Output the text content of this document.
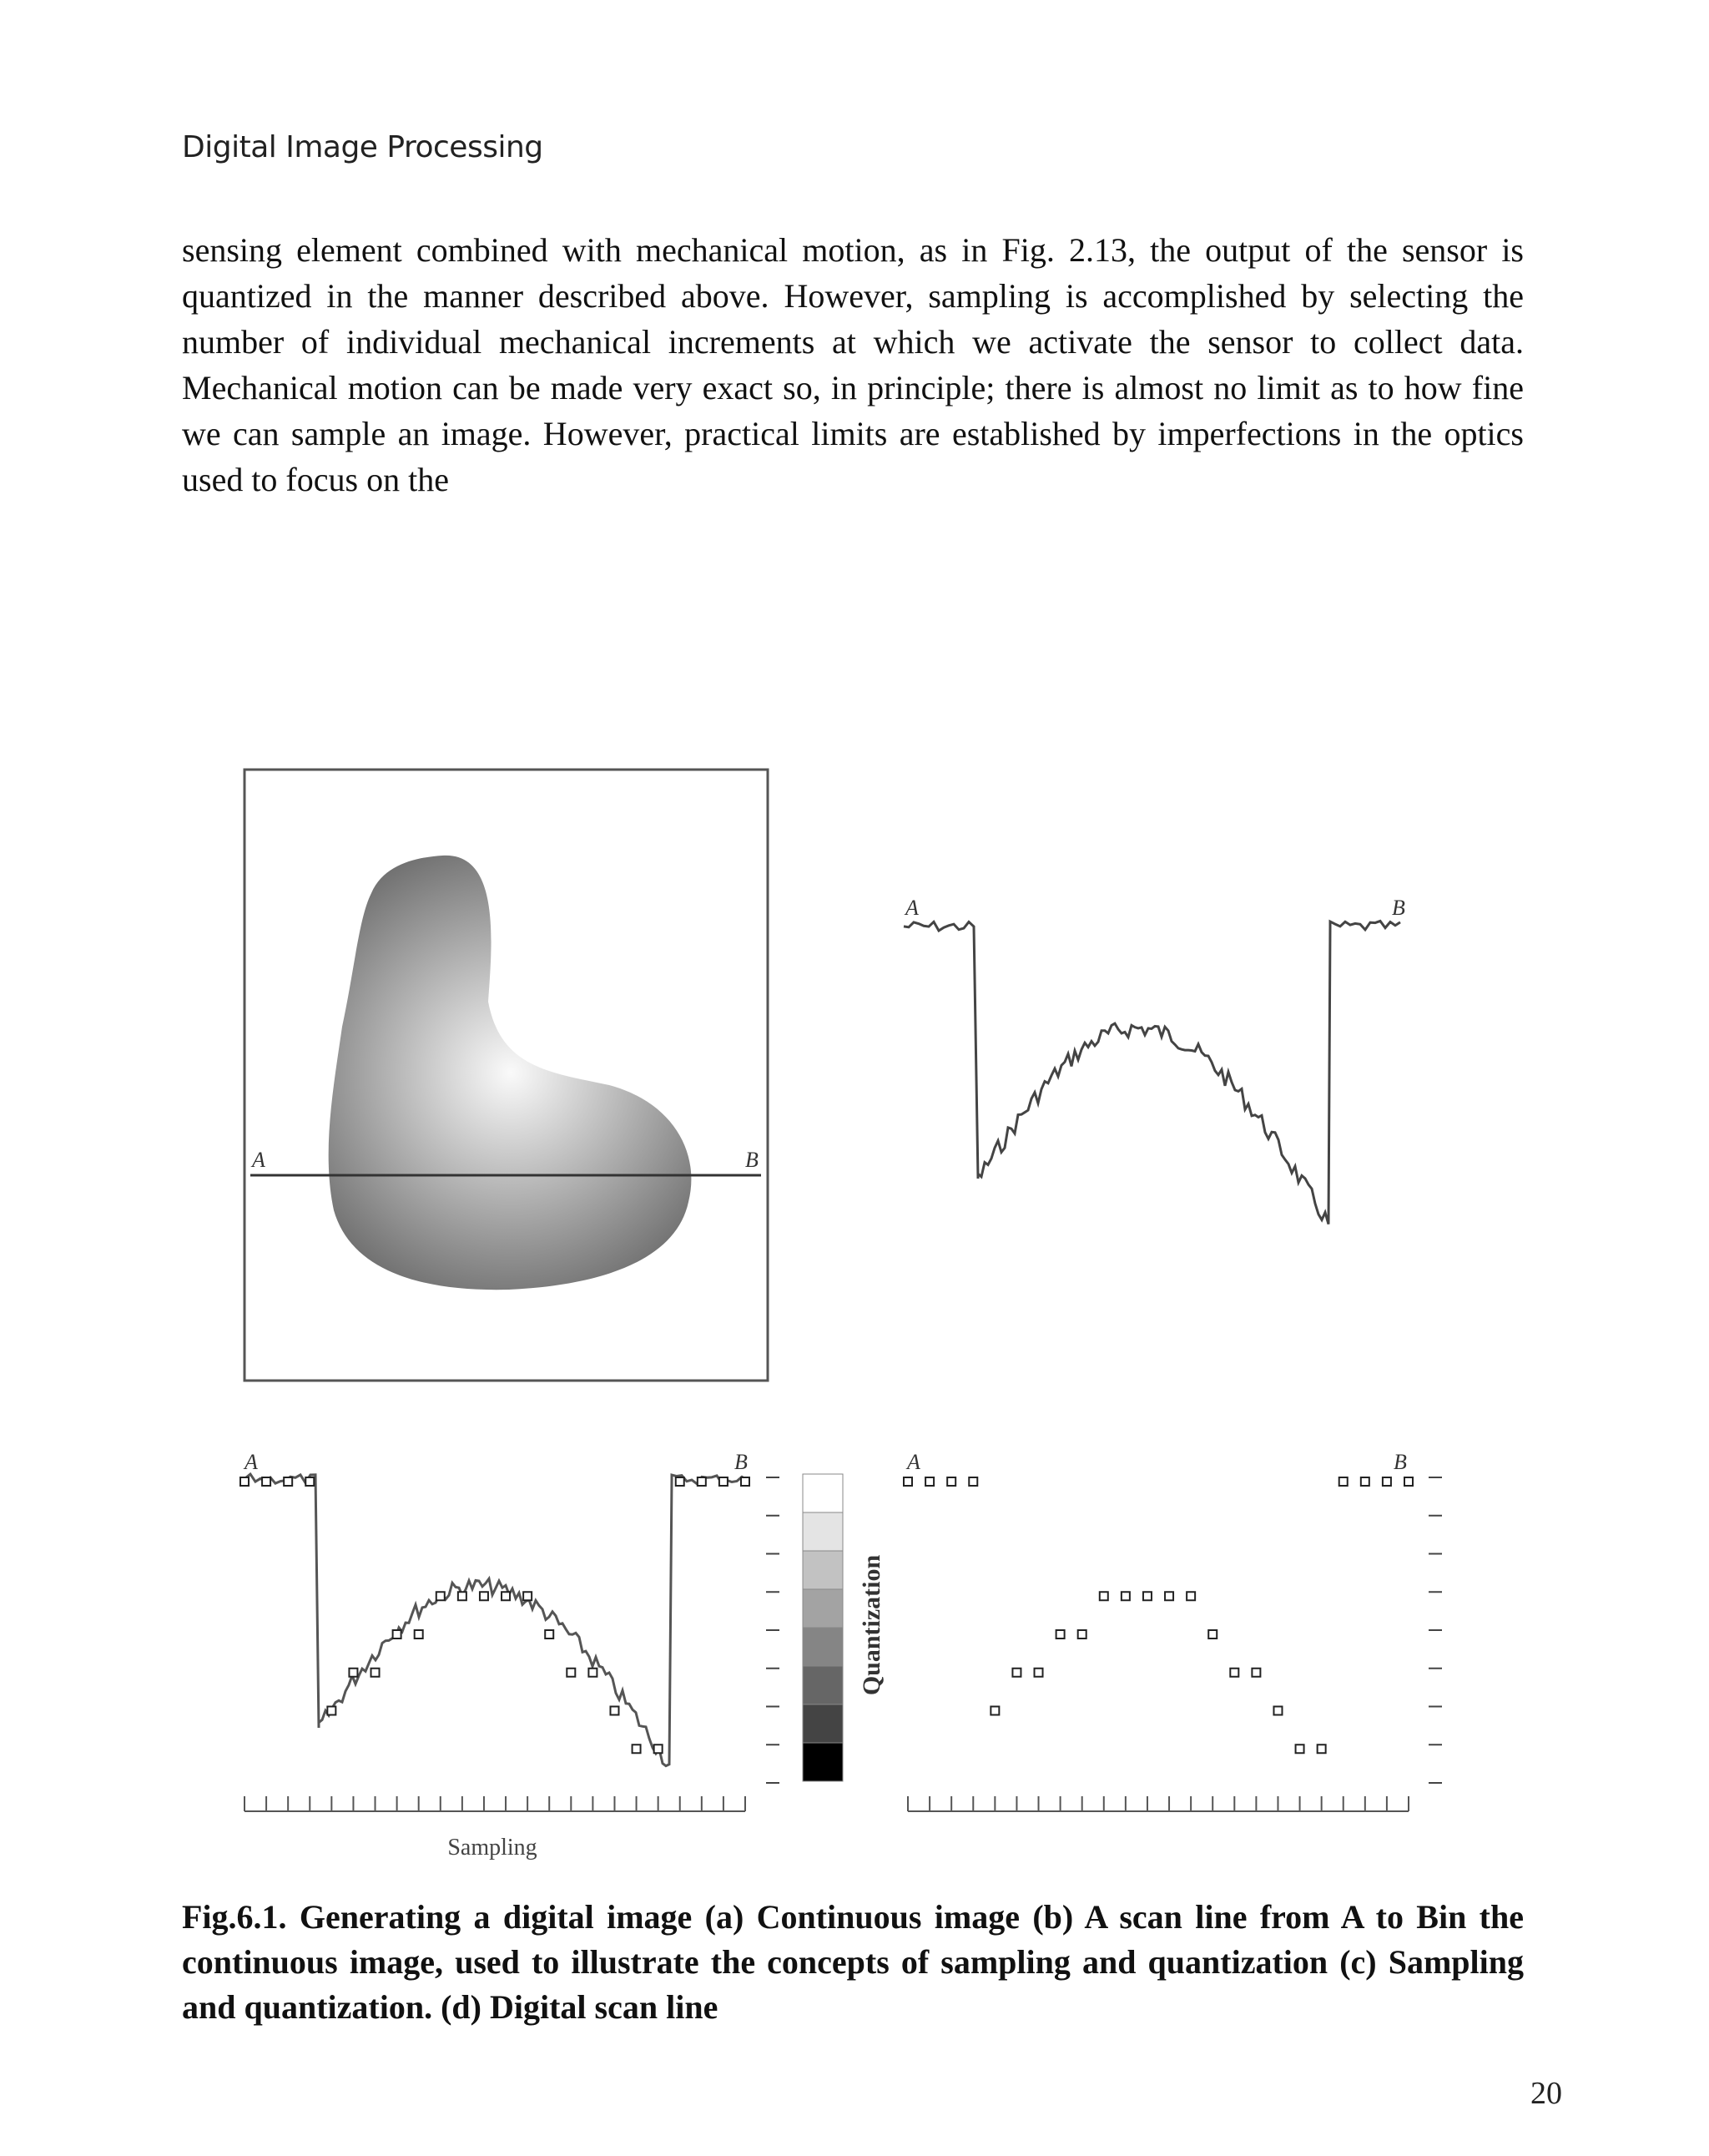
Digital Image Processing

sensing element combined with mechanical motion, as in Fig. 2.13, the output of the sensor is quantized in the manner described above. However, sampling is accomplished by selecting the number of individual mechanical increments at which we activate the sensor to collect data. Mechanical motion can be made very exact so, in principle; there is almost no limit as to how fine we can sample an image. However, practical limits are established by imperfections in the optics used to focus on the

A	B
A	B
A	B
Sampling
Quantization
A	B

Fig.6.1. Generating a digital image (a) Continuous image (b) A scan line from A to Bin the continuous image, used to illustrate the concepts of sampling and quantization (c) Sampling and quantization. (d) Digital scan line

20
